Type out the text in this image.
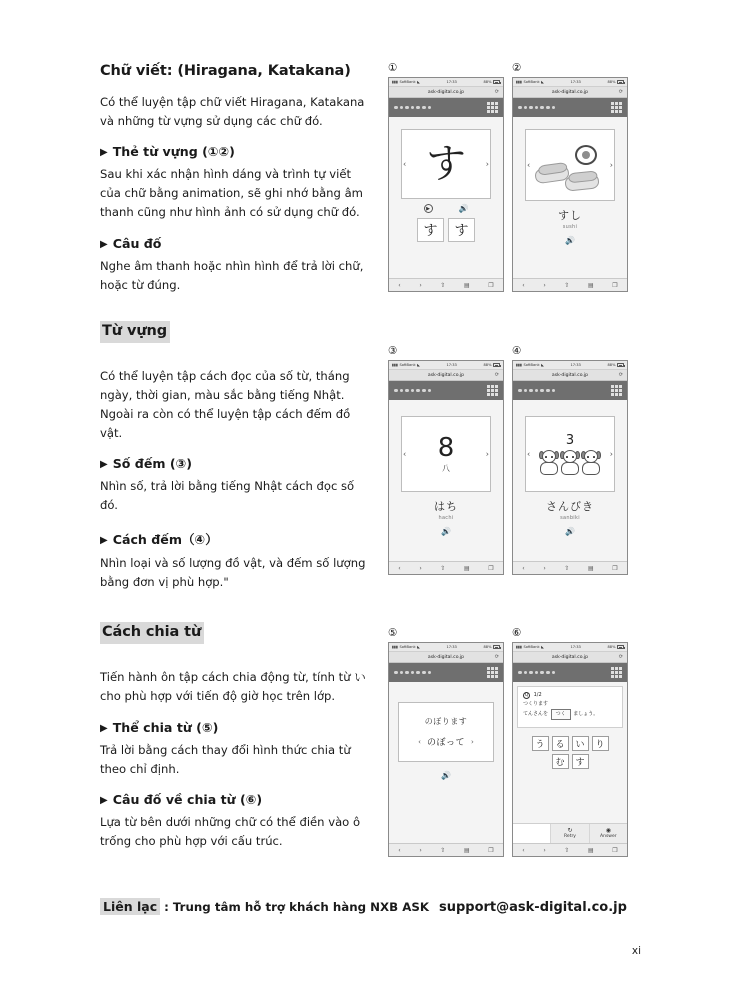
Chữ viết: (Hiragana, Katakana)

Có thể luyện tập chữ viết Hiragana, Katakana và những từ vựng sử dụng các chữ đó.

▶ Thẻ từ vựng (①②)

Sau khi xác nhận hình dáng và trình tự viết của chữ bằng animation, sẽ ghi nhớ bằng âm thanh cũng như hình ảnh có sử dụng chữ đó.

▶ Câu đố

Nghe âm thanh hoặc nhìn hình để trả lời chữ, hoặc từ đúng.

Từ vựng

Có thể luyện tập cách đọc của số từ, tháng ngày, thời gian, màu sắc bằng tiếng Nhật. Ngoài ra còn có thể luyện tập cách đếm đồ vật.

▶ Số đếm (③)

Nhìn số, trả lời bằng tiếng Nhật cách đọc số đó.

▶ Cách đếm（④）

Nhìn loại và số lượng đồ vật, và đếm số lượng bằng đơn vị phù hợp."

Cách chia từ

Tiến hành ôn tập cách chia động từ, tính từ い cho phù hợp với tiến độ giờ học trên lớp.

▶ Thể chia từ (⑤)

Trả lời bằng cách thay đổi hình thức chia từ theo chỉ định.

▶ Câu đố về chia từ (⑥)

Lựa từ bên dưới những chữ có thể điền vào ô trống cho phù hợp với cấu trúc.

①
▮▮▮ SoftBank ◣	17:33	88%
ask-digital.co.jp	⟳
‹ す ›
▶	🔊
す	す
‹	›	⇧	▤	❐
②
▮▮▮ SoftBank ◣	17:33	88%
ask-digital.co.jp	⟳
‹	›
すし
sushi
🔊
‹	›	⇧	▤	❐
③
▮▮▮ SoftBank ◣	17:33	88%
ask-digital.co.jp	⟳
‹ 8
八
›
はち
hachi
🔊
‹	›	⇧	▤	❐
④
▮▮▮ SoftBank ◣	17:33	88%
ask-digital.co.jp	⟳
‹
3
›
さんびき
sanbiki
🔊
‹	›	⇧	▤	❐
⑤
▮▮▮ SoftBank ◣	17:33	88%
ask-digital.co.jp	⟳
のぼります
‹ のぼって ›
🔊
‹	›	⇧	▤	❐
⑥
▮▮▮ SoftBank ◣	17:33	88%
ask-digital.co.jp	⟳
Q 1/2
つくります
てんさんを つく ましょう。
う	る	い	り
む	す
↻
Retry
◉
Answer
‹	›	⇧	▤	❐
Liên lạc : Trung tâm hỗ trợ khách hàng NXB ASK support@ask-digital.co.jp
xi
